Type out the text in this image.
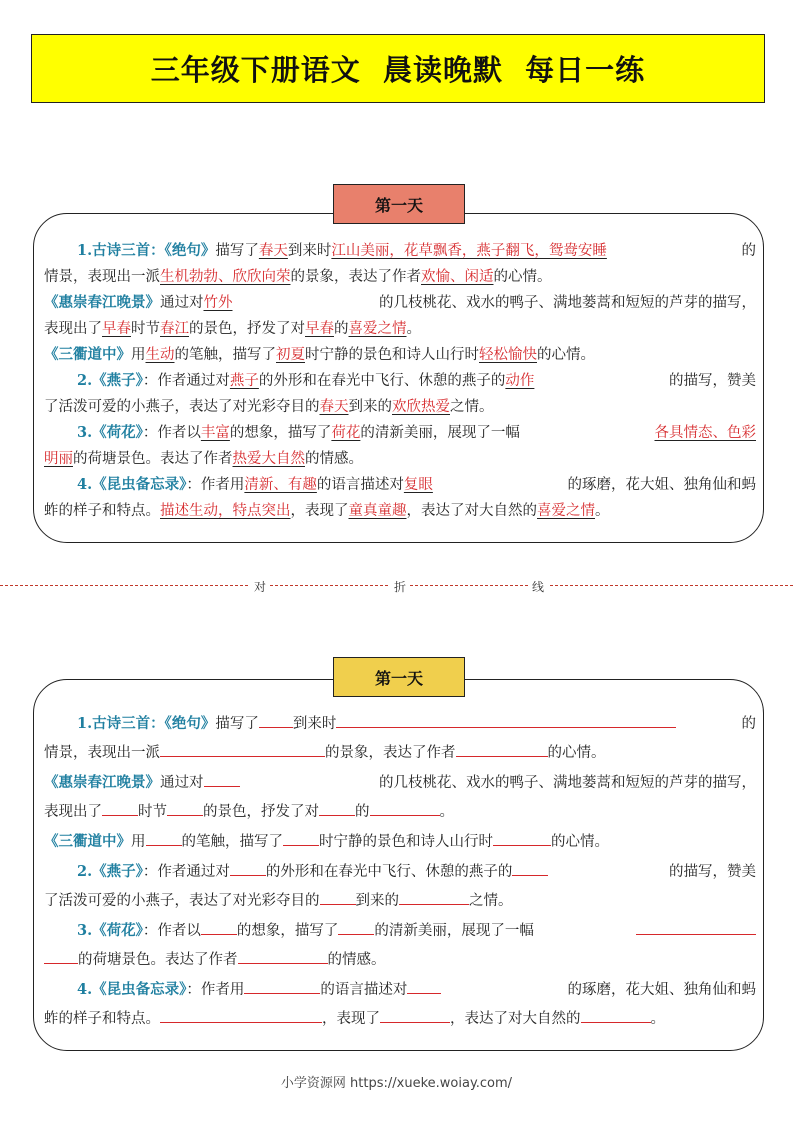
三年级下册语文  晨读晚默  每日一练
第一天
1.古诗三首：《绝句》描写了春天到来时江山美丽，花草飘香，燕子翻飞，鸳鸯安睡	的
情景，表现出一派 生机勃勃、欣欣向荣 的景象，表达了作者 欢愉、闲适 的心情。
《惠崇春江晚景》通过对竹外	的几枝桃花、戏水的鸭子、满地蒌蒿和短短的芦芽的描写，
表现出了 早春 时节 春江 的景色，抒发了对 早春 的 喜爱之情 。
《三衢道中》 用 生动 的笔触，描写了 初夏 时宁静的景色和诗人山行时 轻松愉快 的心情。
2.《燕子》：作者通过对燕子的外形和在春光中飞行、休憩的燕子的动作	的描写，赞美
了活泼可爱的小燕子，表达了对光彩夺目的 春天 到来的 欢欣热爱 之情。
3.《荷花》：作者以丰富的想象，描写了荷花的清新美丽，展现了一幅	各具情态、色彩
明丽 的荷塘景色。表达了作者 热爱大自然 的情感。
4.《昆虫备忘录》：作者用清新、有趣的语言描述对复眼	的琢磨，花大姐、独角仙和蚂
蚱的样子和特点。 描述生动，特点突出 ，表现了 童真童趣 ，表达了对大自然的 喜爱之情 。
对	折	线
第一天
1.古诗三首：《绝句》描写了 到来时	的
情景，表现出一派	的景象，表达了作者	的心情。
《惠崇春江晚景》通过对	的几枝桃花、戏水的鸭子、满地蒌蒿和短短的芦芽的描写，
表现出了 时节 的景色，抒发了对 的	。
《三衢道中》 用 的笔触，描写了 时宁静的景色和诗人山行时	的心情。
2.《燕子》：作者通过对 的外形和在春光中飞行、休憩的燕子的	的描写，赞美
了活泼可爱的小燕子，表达了对光彩夺目的 到来的	之情。
3.《荷花》：作者以 的想象，描写了 的清新美丽，展现了一幅
的荷塘景色。表达了作者	的情感。
4.《昆虫备忘录》：作者用	的语言描述对	的琢磨，花大姐、独角仙和蚂
蚱的样子和特点。	，表现了	，表达了对大自然的	。
小学资源网 https://xueke.woiay.com/
